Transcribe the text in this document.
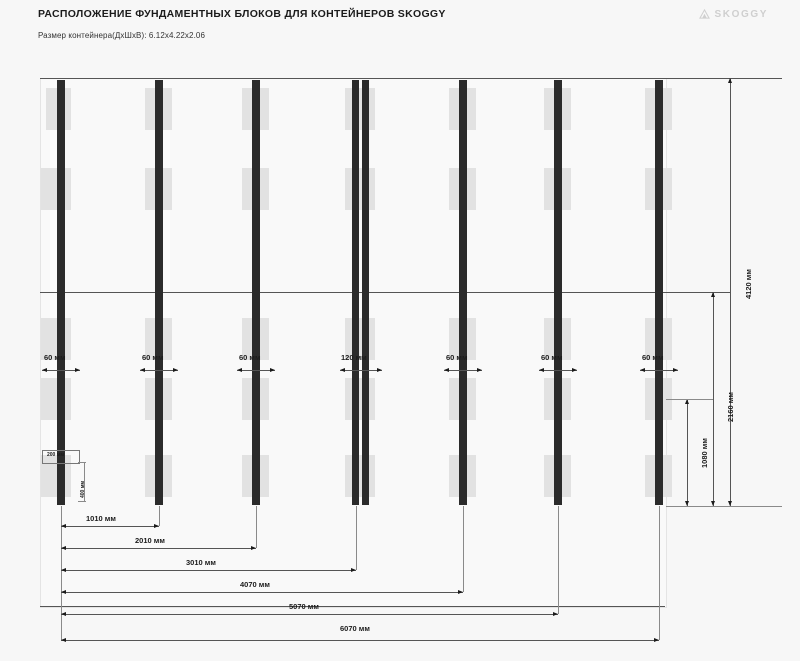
РАСПОЛОЖЕНИЕ ФУНДАМЕНТНЫХ БЛОКОВ ДЛЯ КОНТЕЙНЕРОВ SKOGGY
Размер контейнера(ДхШхВ): 6.12х4.22х2.06
SKOGGY
60 мм	60 мм	60 мм	120 мм	60 мм	60 мм	60 мм
200 мм
400 мм
4120 мм
2160 мм
1080 мм
1010 мм
2010 мм
3010 мм
4070 мм
5070 мм
6070 мм
